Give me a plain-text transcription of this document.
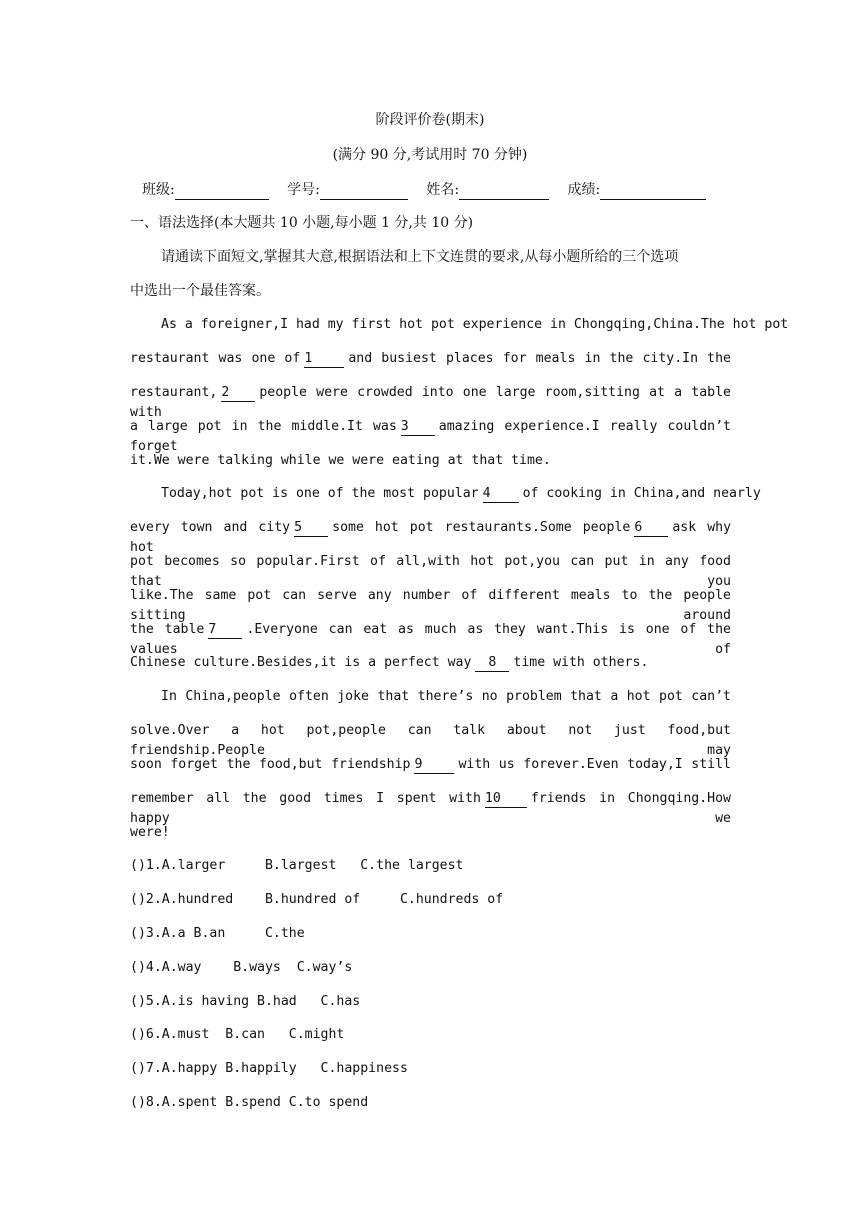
阶段评价卷(期末)
(满分 90 分,考试用时 70 分钟)
班级:	学号:	姓名:	成绩:
一、语法选择(本大题共 10 小题,每小题 1 分,共 10 分)
请通读下面短文,掌握其大意,根据语法和上下文连贯的要求,从每小题所给的三个选项
中选出一个最佳答案。
As a foreigner,I had my first hot pot experience in Chongqing,China.The hot pot
restaurant was one of 1	and busiest places for meals in the city.In the
restaurant, 2 people were crowded into one large room,sitting at a table with
a large pot in the middle.It was 3 amazing experience.I really couldn’t forget
it.We were talking while we were eating at that time.
Today,hot pot is one of the most popular 4 of cooking in China,and nearly
every town and city 5 some hot pot restaurants.Some people 6 ask why hot
pot becomes so popular.First of all,with hot pot,you can put in any food that you
like.The same pot can serve any number of different meals to the people sitting around
the table 7 .Everyone can eat as much as they want.This is one of the values of
Chinese culture.Besides,it is a perfect way 8 time with others.
In China,people often joke that there’s no problem that a hot pot can’t
solve.Over a hot pot,people can talk about not just food,but friendship.People may
soon forget the food,but friendship 9	with us forever.Even today,I still
remember all the good times I spent with 10 friends in Chongqing.How happy we
were!
()1.A.larger     B.largest   C.the largest
()2.A.hundred    B.hundred of     C.hundreds of
()3.A.a B.an     C.the
()4.A.way    B.ways  C.way’s
()5.A.is having B.had   C.has
()6.A.must  B.can   C.might
()7.A.happy B.happily   C.happiness
()8.A.spent B.spend C.to spend
